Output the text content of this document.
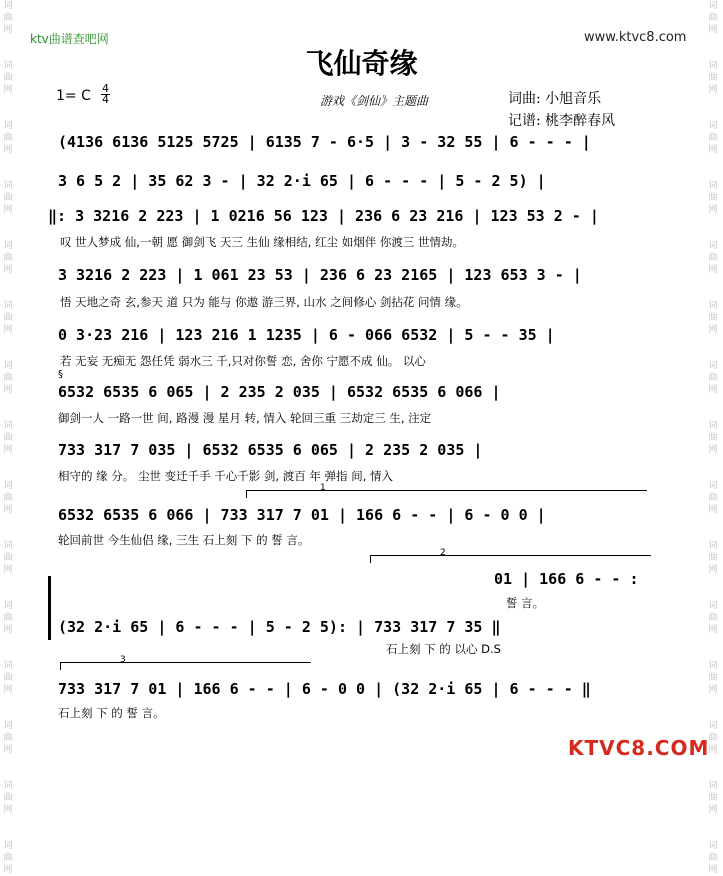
词曲网

词曲网

词曲网

词曲网

词曲网

词曲网

词曲网

词曲网

词曲网

词曲网

词曲网

词曲网

词曲网

词曲网

词曲网
词曲网

词曲网

词曲网

词曲网

词曲网

词曲网

词曲网

词曲网

词曲网

词曲网

词曲网

词曲网

词曲网

词曲网

词曲网
ktv曲谱查吧网	www.ktvc8.com
飞仙奇缘
1= C 4
4	游戏《剑仙》主题曲	词曲: 小旭音乐
记谱: 桃李醉春风
(4136 6136 5125 5725 | 6135 7 - 6·5 | 3 - 32 55 | 6 - - - |
3 6 5 2 | 35 62 3 - | 32 2·i 65 | 6 - - - | 5 - 2 5) |
‖: 3 3216 2 223 | 1 0216 56 123 | 236 6 23 216 | 123 53 2 - |
叹 世人梦成 仙,一朝 愿 御剑飞 天三 生仙 缘相结, 红尘 如烟伴 你渡三 世情劫。
3 3216 2 223 | 1 061 23 53 | 236 6 23 2165 | 123 653 3 - |
悟 天地之奇 玄,参天 道 只为 能与 你遨 游三界, 山水 之间修心 剑拈花 问情 缘。
0 3·23 216 | 123 216 1 1235 | 6 - 066 6532 | 5 - - 35 |
若 无妄 无痴无 怨任凭 弱水三 千,只对你誓 恋, 舍你 宁愿不成 仙。 以心
§
6532 6535 6 065 | 2 235 2 035 | 6532 6535 6 066 |
御剑一人 一路一世 间, 路漫 漫 星月 转, 情入 轮回三重 三劫定三 生, 注定
733 317 7 035 | 6532 6535 6 065 | 2 235 2 035 |
相守的 缘 分。 尘世 变迁千手 千心千影 剑, 渡百 年 弹指 间, 情入
1
6532 6535 6 066 | 733 317 7 01 | 166 6 - - | 6 - 0 0 |
轮回前世 今生仙侣 缘, 三生 石上刻 下 的 誓 言。
2
01 | 166 6 - - :
誓 言。
(32 2·i 65 | 6 - - - | 5 - 2 5): | 733 317 7 35 ‖
石上刻 下 的 以心 D.S
3
733 317 7 01 | 166 6 - - | 6 - 0 0 | (32 2·i 65 | 6 - - - ‖
石上刻 下 的 誓 言。
KTVC8.COM
